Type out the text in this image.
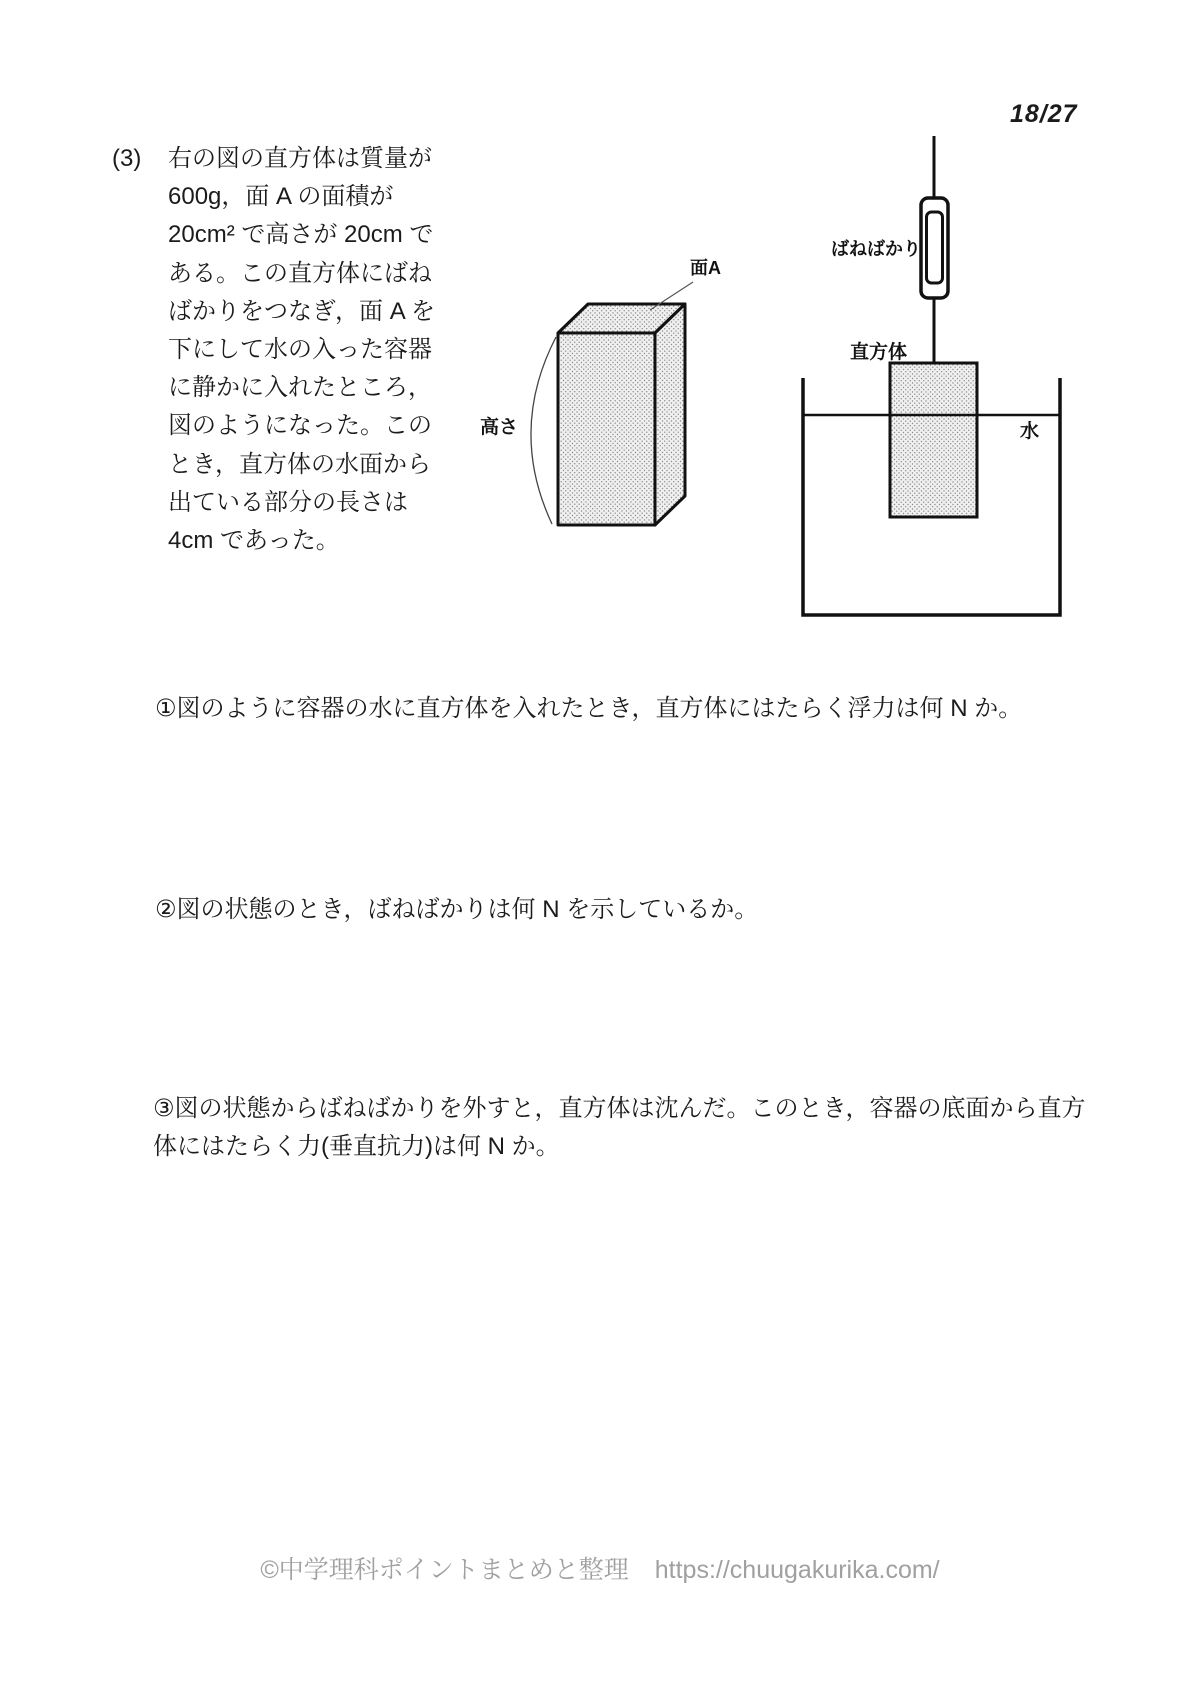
18/27
(3) 右の図の直方体は質量が
600g，面 A の面積が
20cm² で高さが 20cm で
ある。この直方体にばね
ばかりをつなぎ，面 A を
下にして水の入った容器
に静かに入れたところ，
図のようになった。この
とき，直方体の水面から
出ている部分の長さは
4cm であった。
面A
高さ
ばねばかり
直方体
水
①図のように容器の水に直方体を入れたとき，直方体にはたらく浮力は何 N か。
②図の状態のとき，ばねばかりは何 N を示しているか。
③図の状態からばねばかりを外すと，直方体は沈んだ。このとき，容器の底面から直方
体にはたらく力(垂直抗力)は何 N か。
©中学理科ポイントまとめと整理 https://chuugakurika.com/
